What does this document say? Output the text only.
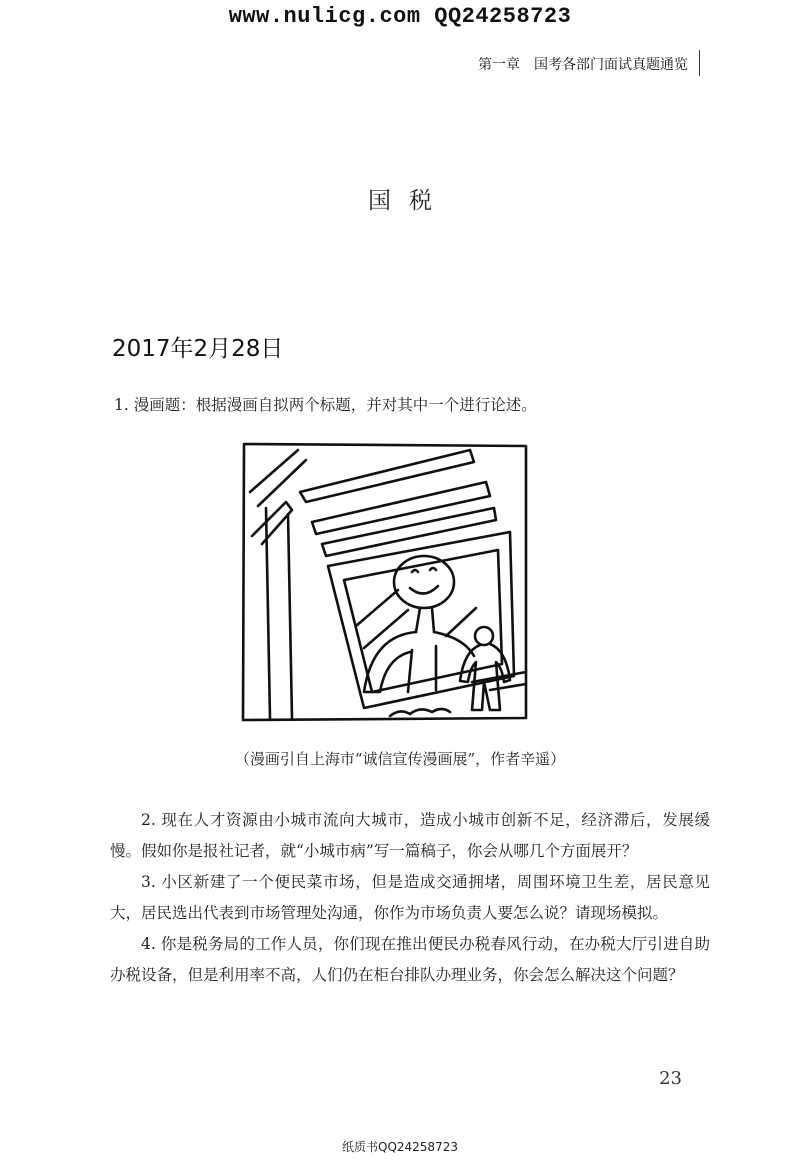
www.nulicg.com QQ24258723
第一章 国考各部门面试真题通览
国税
2017年2月28日
1. 漫画题：根据漫画自拟两个标题，并对其中一个进行论述。
（漫画引自上海市“诚信宣传漫画展”，作者辛遥）
2. 现在人才资源由小城市流向大城市，造成小城市创新不足，经济滞后，发展缓慢。假如你是报社记者，就“小城市病”写一篇稿子，你会从哪几个方面展开？
3. 小区新建了一个便民菜市场，但是造成交通拥堵，周围环境卫生差，居民意见大，居民选出代表到市场管理处沟通，你作为市场负责人要怎么说？请现场模拟。
4. 你是税务局的工作人员，你们现在推出便民办税春风行动，在办税大厅引进自助办税设备，但是利用率不高，人们仍在柜台排队办理业务，你会怎么解决这个问题？
23
纸质书QQ24258723
